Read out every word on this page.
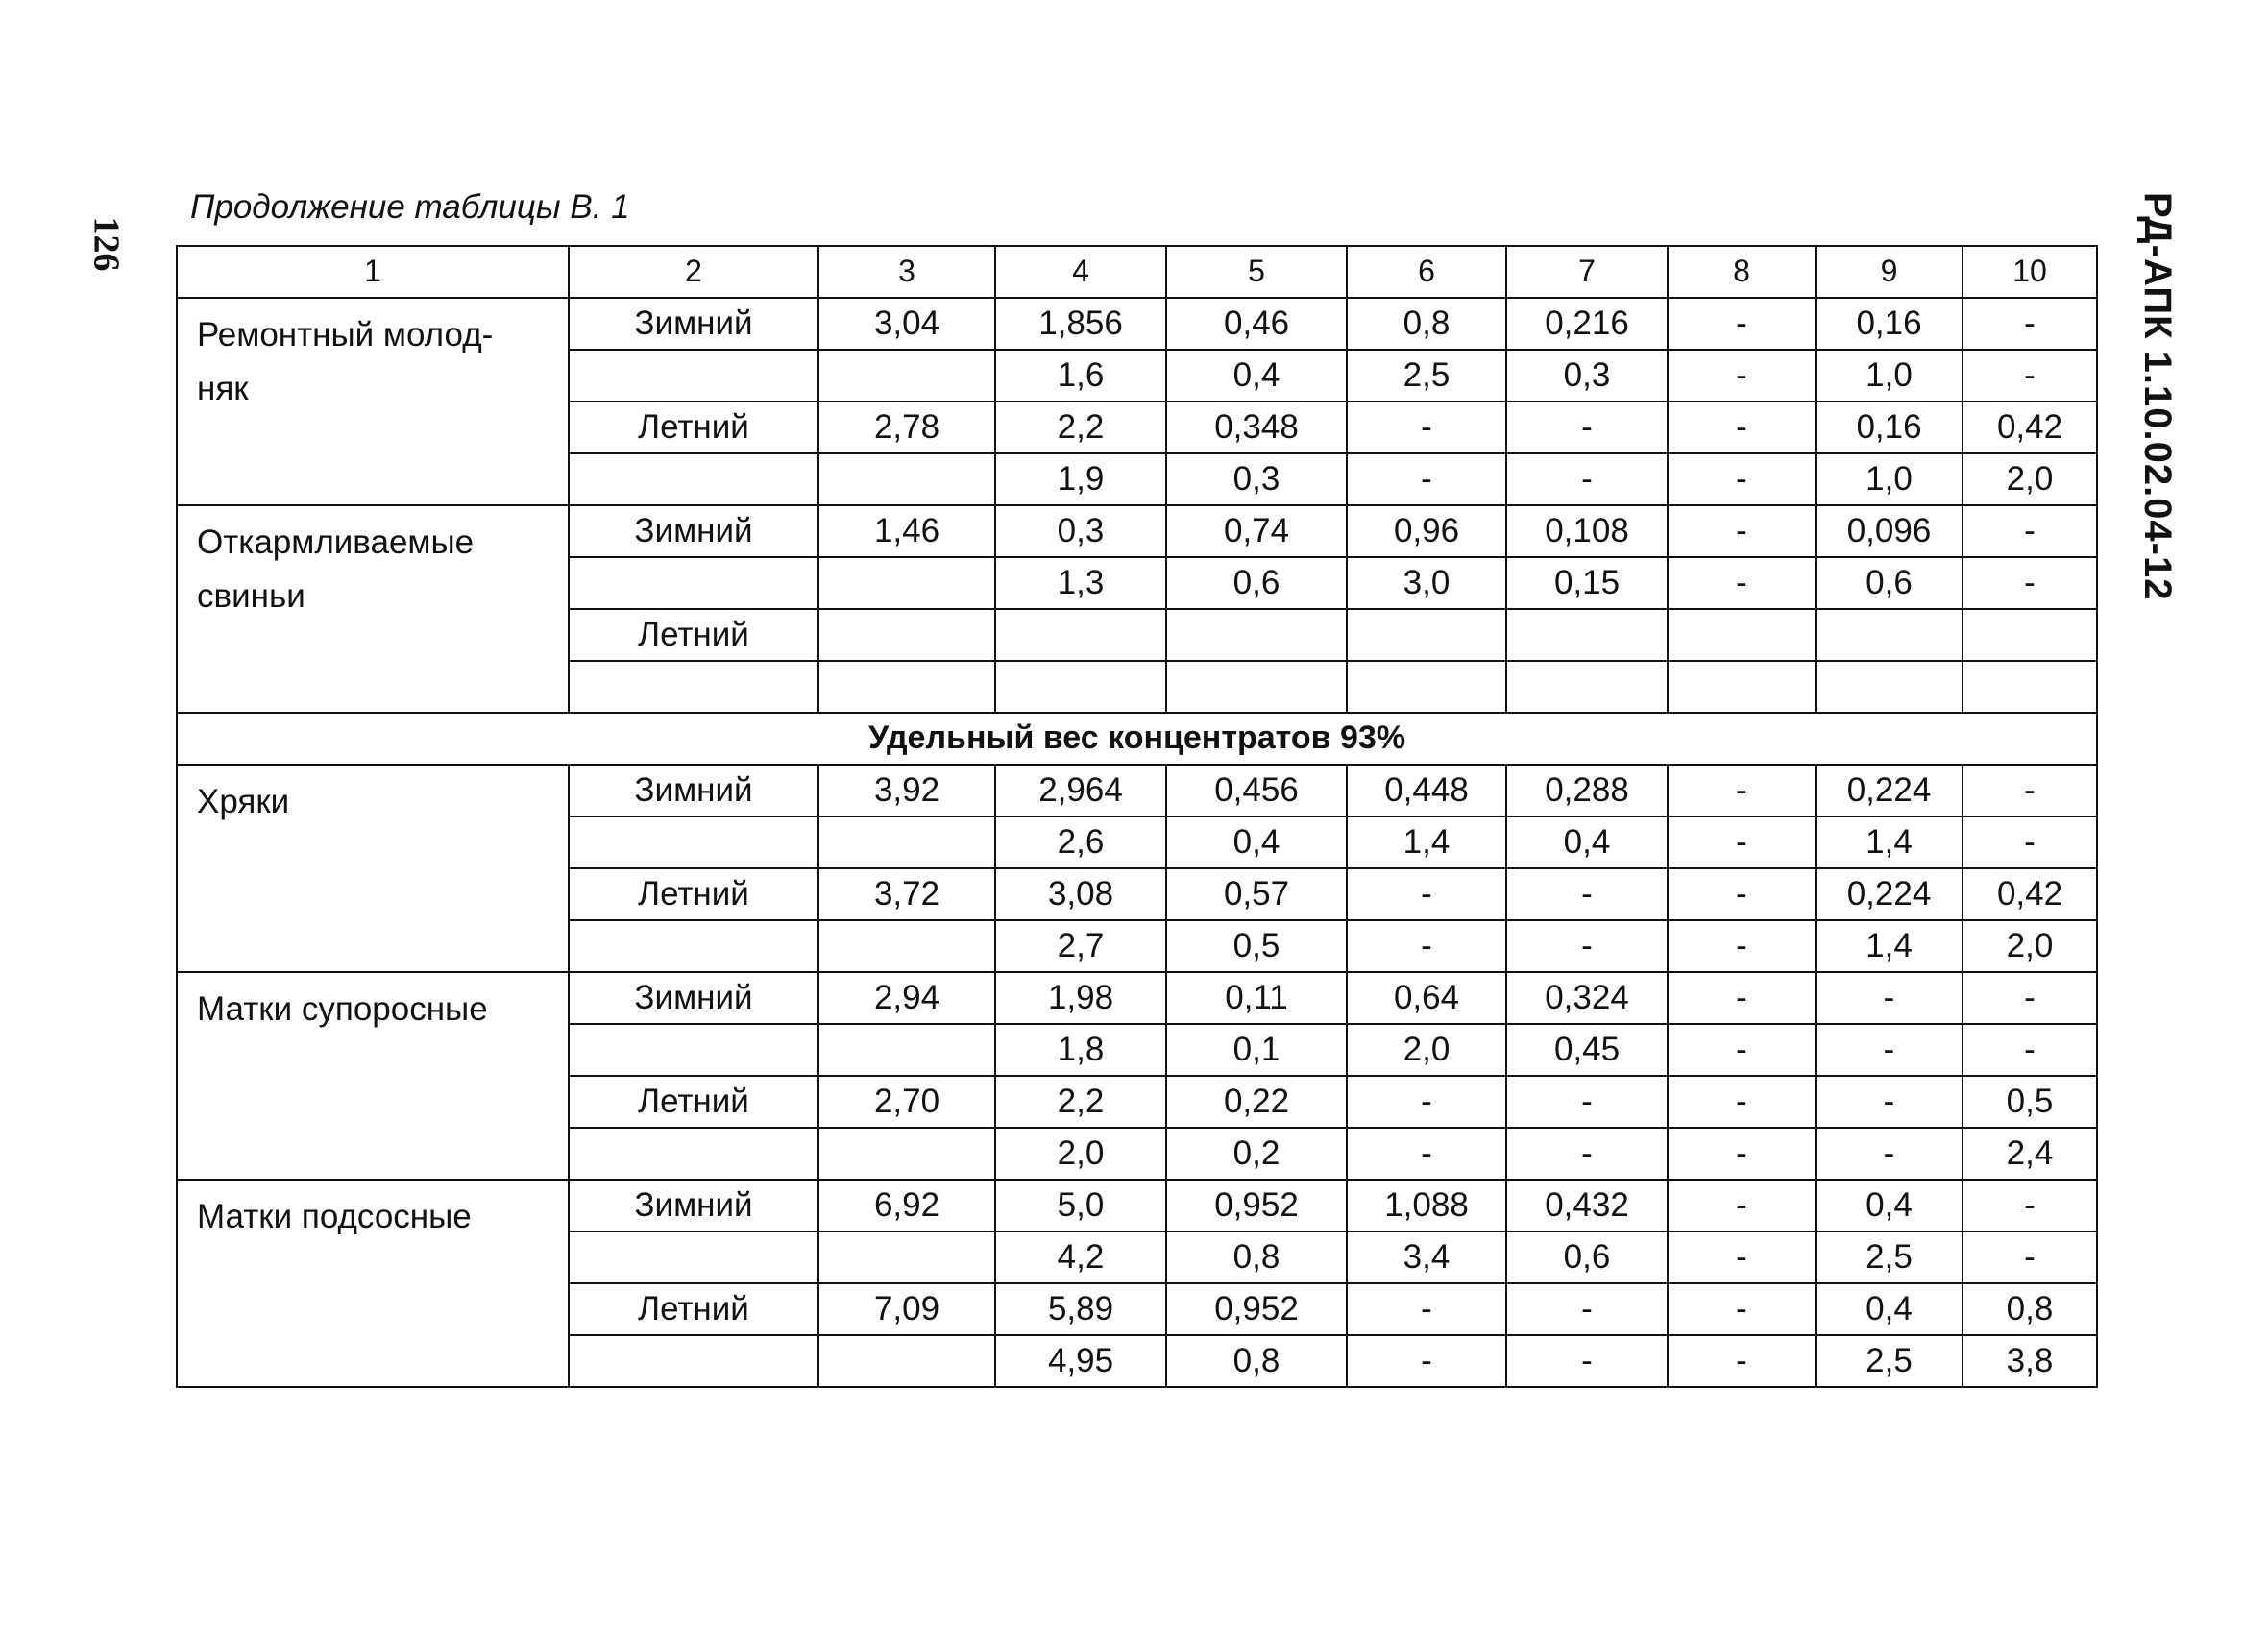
126	РД-АПК 1.10.02.04-12
Продолжение таблицы В. 1
1	2	3	4	5	6	7	8	9	10
Ремонтный молод-
няк	Зимний	3,04	1,856	0,46	0,8	0,216	-	0,16	-
			1,6	0,4	2,5	0,3	-	1,0	-
	Летний	2,78	2,2	0,348	-	-	-	0,16	0,42
			1,9	0,3	-	-	-	1,0	2,0
Откармливаемые
свиньи	Зимний	1,46	0,3	0,74	0,96	0,108	-	0,096	-
			1,3	0,6	3,0	0,15	-	0,6	-
	Летний								

Удельный вес концентратов 93%									
Хряки	Зимний	3,92	2,964	0,456	0,448	0,288	-	0,224	-
			2,6	0,4	1,4	0,4	-	1,4	-
	Летний	3,72	3,08	0,57	-	-	-	0,224	0,42
			2,7	0,5	-	-	-	1,4	2,0
Матки супоросные	Зимний	2,94	1,98	0,11	0,64	0,324	-	-	-
			1,8	0,1	2,0	0,45	-	-	-
	Летний	2,70	2,2	0,22	-	-	-	-	0,5
			2,0	0,2	-	-	-	-	2,4
Матки подсосные	Зимний	6,92	5,0	0,952	1,088	0,432	-	0,4	-
			4,2	0,8	3,4	0,6	-	2,5	-
	Летний	7,09	5,89	0,952	-	-	-	0,4	0,8
			4,95	0,8	-	-	-	2,5	3,8
